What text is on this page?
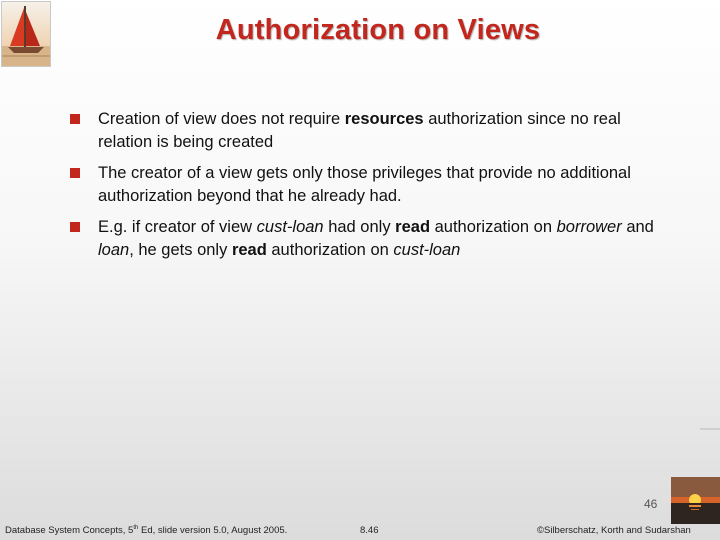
Authorization on Views
Creation of view does not require resources authorization since no real relation is being created
The creator of a view gets only those privileges that provide no additional authorization beyond that he already had.
E.g. if creator of view cust-loan had only read authorization on borrower and loan, he gets only read authorization on cust-loan
46
Database System Concepts, 5th Ed, slide version 5.0, August 2005.	8.46	©Silberschatz, Korth and Sudarshan
